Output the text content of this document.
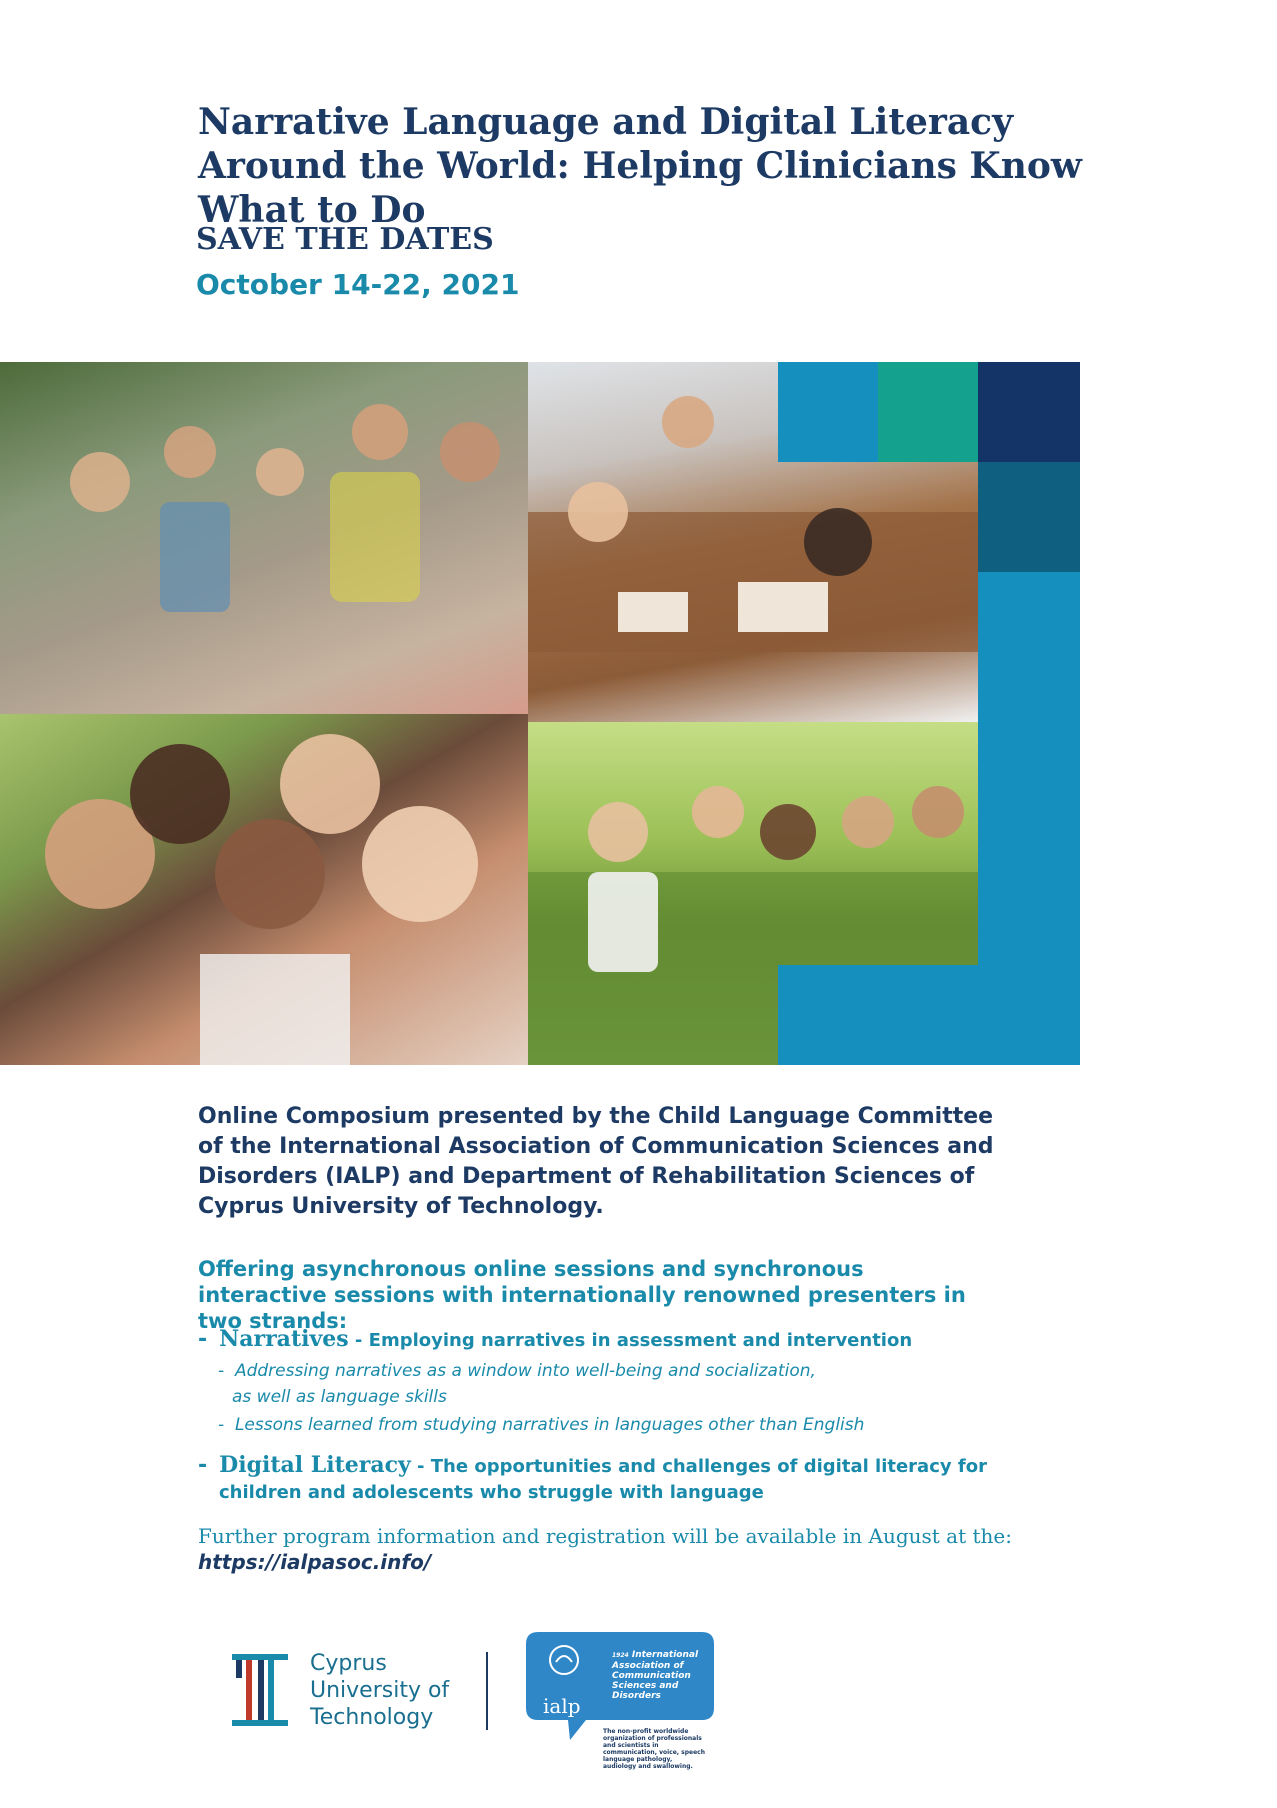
Narrative Language and Digital Literacy Around the World: Helping Clinicians Know What to Do
SAVE THE DATES
October 14-22, 2021
Online Composium presented by the Child Language Committee of the International Association of Communication Sciences and Disorders (IALP) and Department of Rehabilitation Sciences of Cyprus University of Technology.
Offering asynchronous online sessions and synchronous interactive sessions with internationally renowned presenters in two strands:
- Narratives - Employing narratives in assessment and intervention
- Addressing narratives as a window into well-being and socialization,
as well as language skills
- Lessons learned from studying narratives in languages other than English
- Digital Literacy - The opportunities and challenges of digital literacy for
children and adolescents who struggle with language
Further program information and registration will be available in August at the:
https://ialpasoc.info/
Cyprus
University of
Technology
1924 International Association of Communication Sciences and Disorders
ialp
The non-profit worldwide organization of professionals and scientists in communication, voice, speech language pathology, audiology and swallowing.
